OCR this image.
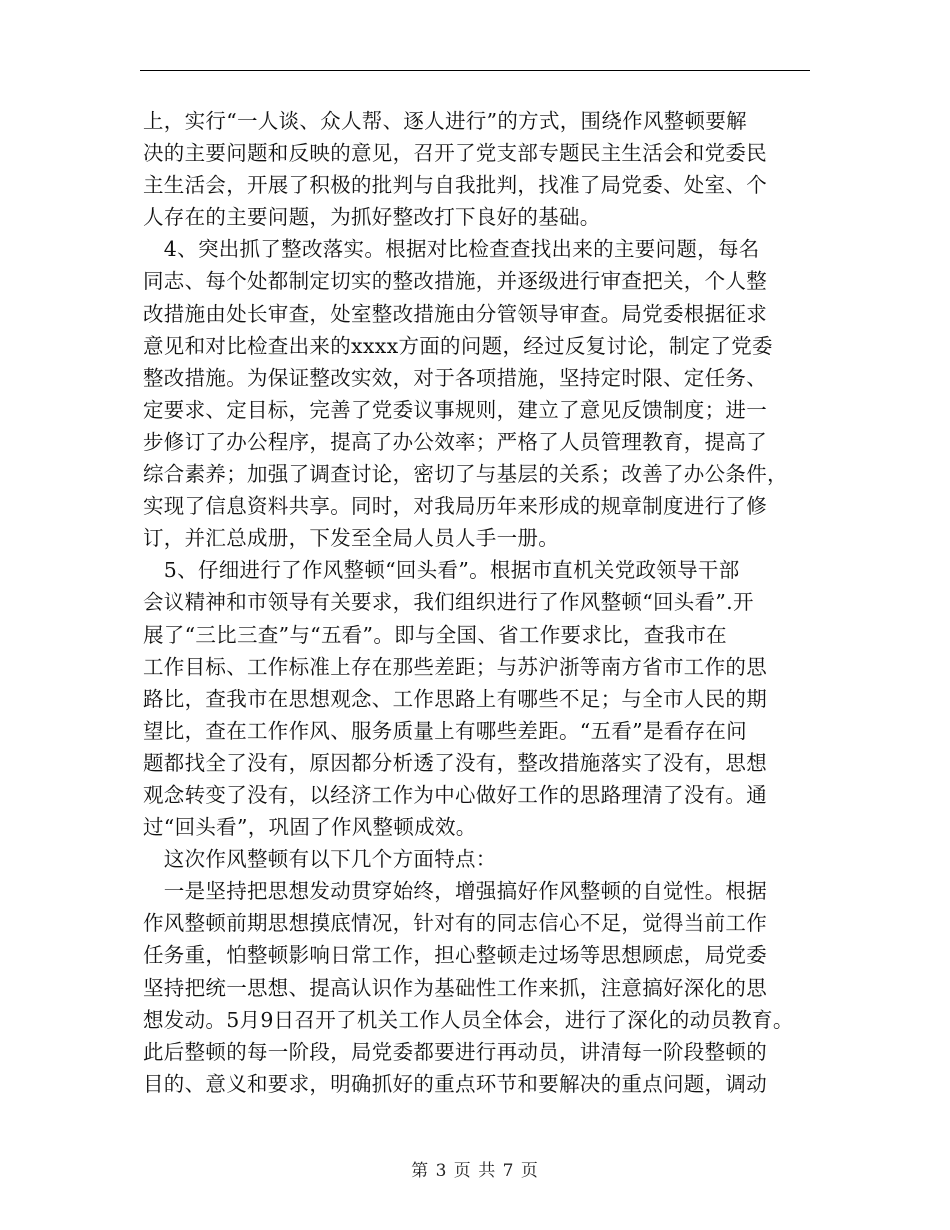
上，实行“一人谈、众人帮、逐人进行”的方式，围绕作风整顿要解
决的主要问题和反映的意见，召开了党支部专题民主生活会和党委民
主生活会，开展了积极的批判与自我批判，找准了局党委、处室、个
人存在的主要问题，为抓好整改打下良好的基础。
　4、突出抓了整改落实。根据对比检查查找出来的主要问题，每名
同志、每个处都制定切实的整改措施，并逐级进行审查把关，个人整
改措施由处长审查，处室整改措施由分管领导审查。局党委根据征求
意见和对比检查出来的xxxx方面的问题，经过反复讨论，制定了党委
整改措施。为保证整改实效，对于各项措施，坚持定时限、定任务、
定要求、定目标，完善了党委议事规则，建立了意见反馈制度；进一
步修订了办公程序，提高了办公效率；严格了人员管理教育，提高了
综合素养；加强了调查讨论，密切了与基层的关系；改善了办公条件，
实现了信息资料共享。同时，对我局历年来形成的规章制度进行了修
订，并汇总成册，下发至全局人员人手一册。
　5、仔细进行了作风整顿“回头看”。根据市直机关党政领导干部
会议精神和市领导有关要求，我们组织进行了作风整顿“回头看”.开
展了“三比三查”与“五看”。即与全国、省工作要求比，查我市在
工作目标、工作标准上存在那些差距；与苏沪浙等南方省市工作的思
路比，查我市在思想观念、工作思路上有哪些不足；与全市人民的期
望比，查在工作作风、服务质量上有哪些差距。“五看”是看存在问
题都找全了没有，原因都分析透了没有，整改措施落实了没有，思想
观念转变了没有，以经济工作为中心做好工作的思路理清了没有。通
过“回头看”，巩固了作风整顿成效。
　这次作风整顿有以下几个方面特点：
　一是坚持把思想发动贯穿始终，增强搞好作风整顿的自觉性。根据
作风整顿前期思想摸底情况，针对有的同志信心不足，觉得当前工作
任务重，怕整顿影响日常工作，担心整顿走过场等思想顾虑，局党委
坚持把统一思想、提高认识作为基础性工作来抓，注意搞好深化的思
想发动。5月9日召开了机关工作人员全体会，进行了深化的动员教育。
此后整顿的每一阶段，局党委都要进行再动员，讲清每一阶段整顿的
目的、意义和要求，明确抓好的重点环节和要解决的重点问题，调动
第 3 页 共 7 页
